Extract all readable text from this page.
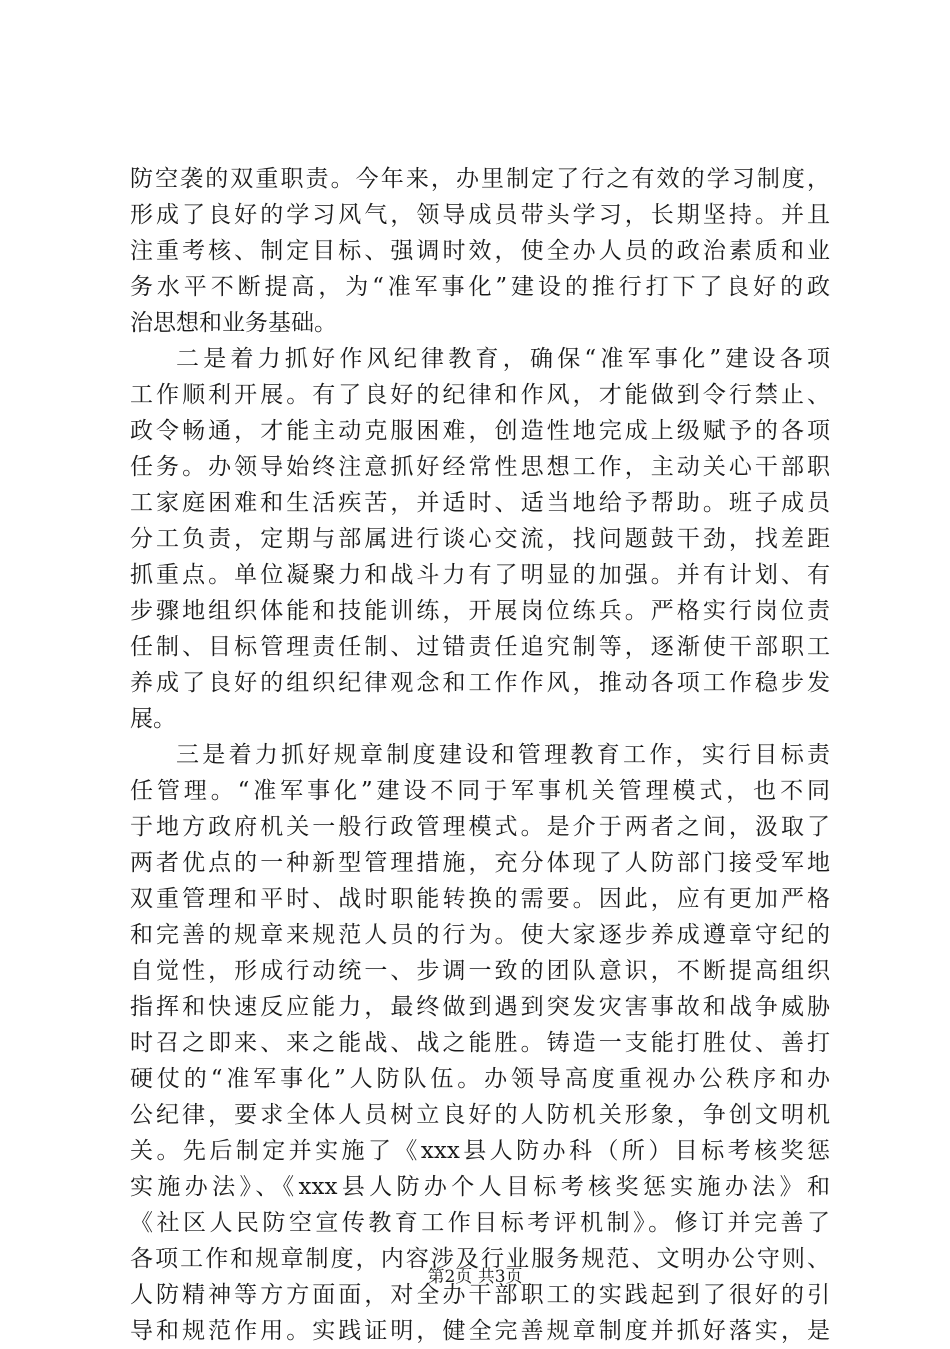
防空袭的双重职责。今年来，办里制定了行之有效的学习制度，
形成了良好的学习风气，领导成员带头学习，长期坚持。并且
注重考核、制定目标、强调时效，使全办人员的政治素质和业
务水平不断提高，为“准军事化”建设的推行打下了良好的政
治思想和业务基础。
二是着力抓好作风纪律教育，确保“准军事化”建设各项
工作顺利开展。有了良好的纪律和作风，才能做到令行禁止、
政令畅通，才能主动克服困难，创造性地完成上级赋予的各项
任务。办领导始终注意抓好经常性思想工作，主动关心干部职
工家庭困难和生活疾苦，并适时、适当地给予帮助。班子成员
分工负责，定期与部属进行谈心交流，找问题鼓干劲，找差距
抓重点。单位凝聚力和战斗力有了明显的加强。并有计划、有
步骤地组织体能和技能训练，开展岗位练兵。严格实行岗位责
任制、目标管理责任制、过错责任追究制等，逐渐使干部职工
养成了良好的组织纪律观念和工作作风，推动各项工作稳步发
展。
三是着力抓好规章制度建设和管理教育工作，实行目标责
任管理。“准军事化”建设不同于军事机关管理模式，也不同
于地方政府机关一般行政管理模式。是介于两者之间，汲取了
两者优点的一种新型管理措施，充分体现了人防部门接受军地
双重管理和平时、战时职能转换的需要。因此，应有更加严格
和完善的规章来规范人员的行为。使大家逐步养成遵章守纪的
自觉性，形成行动统一、步调一致的团队意识，不断提高组织
指挥和快速反应能力，最终做到遇到突发灾害事故和战争威胁
时召之即来、来之能战、战之能胜。铸造一支能打胜仗、善打
硬仗的“准军事化”人防队伍。办领导高度重视办公秩序和办
公纪律，要求全体人员树立良好的人防机关形象，争创文明机
关。先后制定并实施了《xxx县人防办科（所）目标考核奖惩
实施办法》、《xxx县人防办个人目标考核奖惩实施办法》和
《社区人民防空宣传教育工作目标考评机制》。修订并完善了
各项工作和规章制度，内容涉及行业服务规范、文明办公守则、
人防精神等方方面面，对全办干部职工的实践起到了很好的引
导和规范作用。实践证明，健全完善规章制度并抓好落实，是
第2页 共3页
